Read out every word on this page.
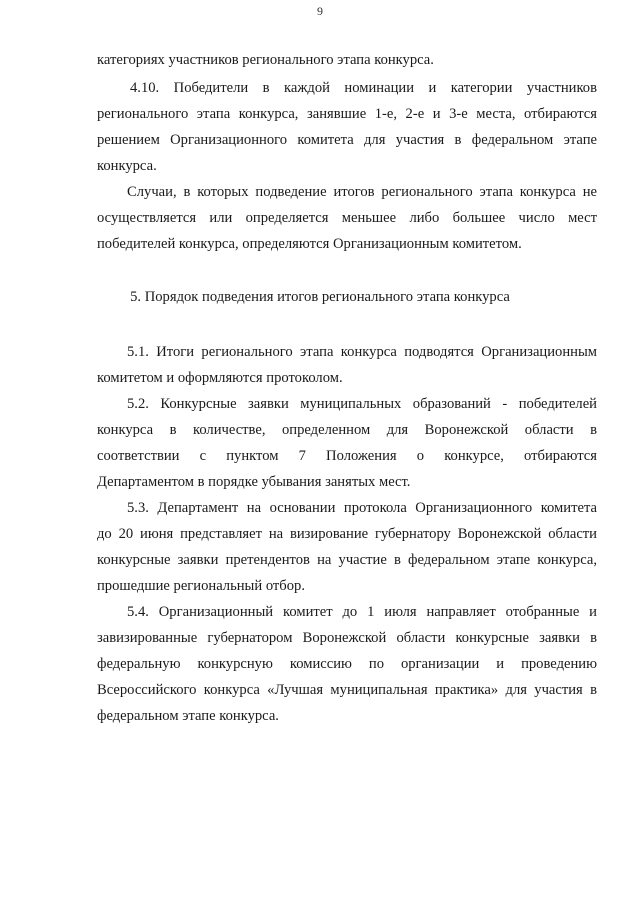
9
категориях участников регионального этапа конкурса.
4.10. Победители в каждой номинации и категории участников
регионального этапа конкурса, занявшие 1-е, 2-е и 3-е места, отбираются
решением Организационного комитета для участия в федеральном этапе
конкурса.
Случаи, в которых подведение итогов регионального этапа конкурса не
осуществляется или определяется меньшее либо большее число мест
победителей конкурса, определяются Организационным комитетом.
5. Порядок подведения итогов регионального этапа конкурса
5.1. Итоги регионального этапа конкурса подводятся Организационным
комитетом и оформляются протоколом.
5.2. Конкурсные заявки муниципальных образований - победителей
конкурса в количестве, определенном для Воронежской области в
соответствии с пунктом 7 Положения о конкурсе, отбираются
Департаментом в порядке убывания занятых мест.
5.3. Департамент на основании протокола Организационного комитета
до 20 июня представляет на визирование губернатору Воронежской области
конкурсные заявки претендентов на участие в федеральном этапе конкурса,
прошедшие региональный отбор.
5.4. Организационный комитет до 1 июля направляет отобранные и
завизированные губернатором Воронежской области конкурсные заявки в
федеральную конкурсную комиссию по организации и проведению
Всероссийского конкурса «Лучшая муниципальная практика» для участия в
федеральном этапе конкурса.
